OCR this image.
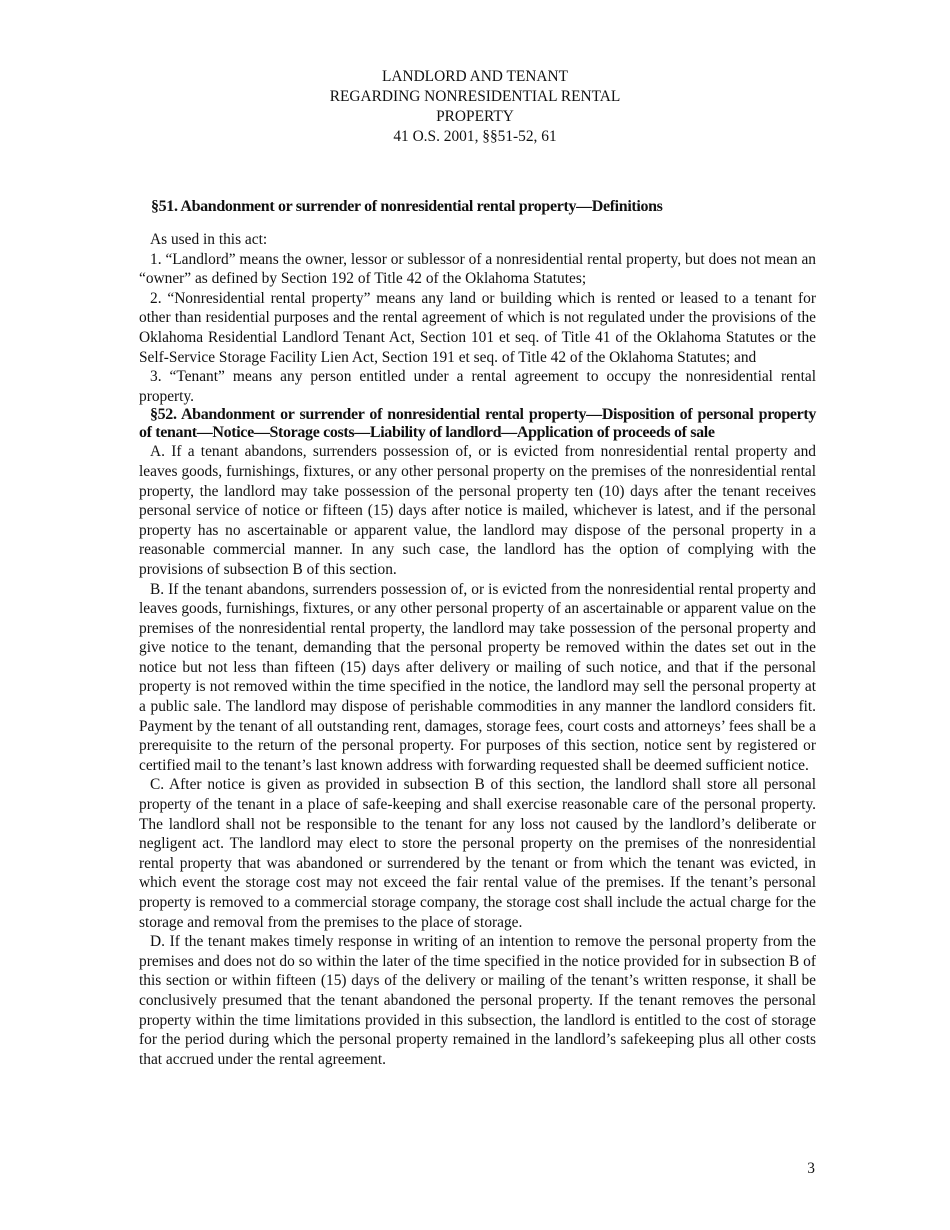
LANDLORD AND TENANT
REGARDING NONRESIDENTIAL RENTAL
PROPERTY
41 O.S. 2001, §§51-52, 61
§51. Abandonment or surrender of nonresidential rental property—Definitions

As used in this act:

1. “Landlord” means the owner, lessor or sublessor of a nonresidential rental property, but does not mean an “owner” as defined by Section 192 of Title 42 of the Oklahoma Statutes;

2. “Nonresidential rental property” means any land or building which is rented or leased to a tenant for other than residential purposes and the rental agreement of which is not regulated under the provisions of the Oklahoma Residential Landlord Tenant Act, Section 101 et seq. of Title 41 of the Oklahoma Statutes or the Self-Service Storage Facility Lien Act, Section 191 et seq. of Title 42 of the Oklahoma Statutes; and

3. “Tenant” means any person entitled under a rental agreement to occupy the nonresidential rental property.

§52. Abandonment or surrender of nonresidential rental property—Disposition of personal property of tenant—Notice—Storage costs—Liability of landlord—Application of proceeds of sale

A. If a tenant abandons, surrenders possession of, or is evicted from nonresidential rental property and leaves goods, furnishings, fixtures, or any other personal property on the premises of the nonresidential rental property, the landlord may take possession of the personal property ten (10) days after the tenant receives personal service of notice or fifteen (15) days after notice is mailed, whichever is latest, and if the personal property has no ascertainable or apparent value, the landlord may dispose of the personal property in a reasonable commercial manner. In any such case, the landlord has the option of complying with the provisions of subsection B of this section.

B. If the tenant abandons, surrenders possession of, or is evicted from the nonresidential rental property and leaves goods, furnishings, fixtures, or any other personal property of an ascertainable or apparent value on the premises of the nonresidential rental property, the landlord may take possession of the personal property and give notice to the tenant, demanding that the personal property be removed within the dates set out in the notice but not less than fifteen (15) days after delivery or mailing of such notice, and that if the personal property is not removed within the time specified in the notice, the landlord may sell the personal property at a public sale. The landlord may dispose of perishable commodities in any manner the landlord considers fit. Payment by the tenant of all outstanding rent, damages, storage fees, court costs and attorneys’ fees shall be a prerequisite to the return of the personal property. For purposes of this section, notice sent by registered or certified mail to the tenant’s last known address with forwarding requested shall be deemed sufficient notice.

C. After notice is given as provided in subsection B of this section, the landlord shall store all personal property of the tenant in a place of safe-keeping and shall exercise reasonable care of the personal property. The landlord shall not be responsible to the tenant for any loss not caused by the landlord’s deliberate or negligent act. The landlord may elect to store the personal property on the premises of the nonresidential rental property that was abandoned or surrendered by the tenant or from which the tenant was evicted, in which event the storage cost may not exceed the fair rental value of the premises. If the tenant’s personal property is removed to a commercial storage company, the storage cost shall include the actual charge for the storage and removal from the premises to the place of storage.

D. If the tenant makes timely response in writing of an intention to remove the personal property from the premises and does not do so within the later of the time specified in the notice provided for in subsection B of this section or within fifteen (15) days of the delivery or mailing of the tenant’s written response, it shall be conclusively presumed that the tenant abandoned the personal property. If the tenant removes the personal property within the time limitations provided in this subsection, the landlord is entitled to the cost of storage for the period during which the personal property remained in the landlord’s safekeeping plus all other costs that accrued under the rental agreement.

3
